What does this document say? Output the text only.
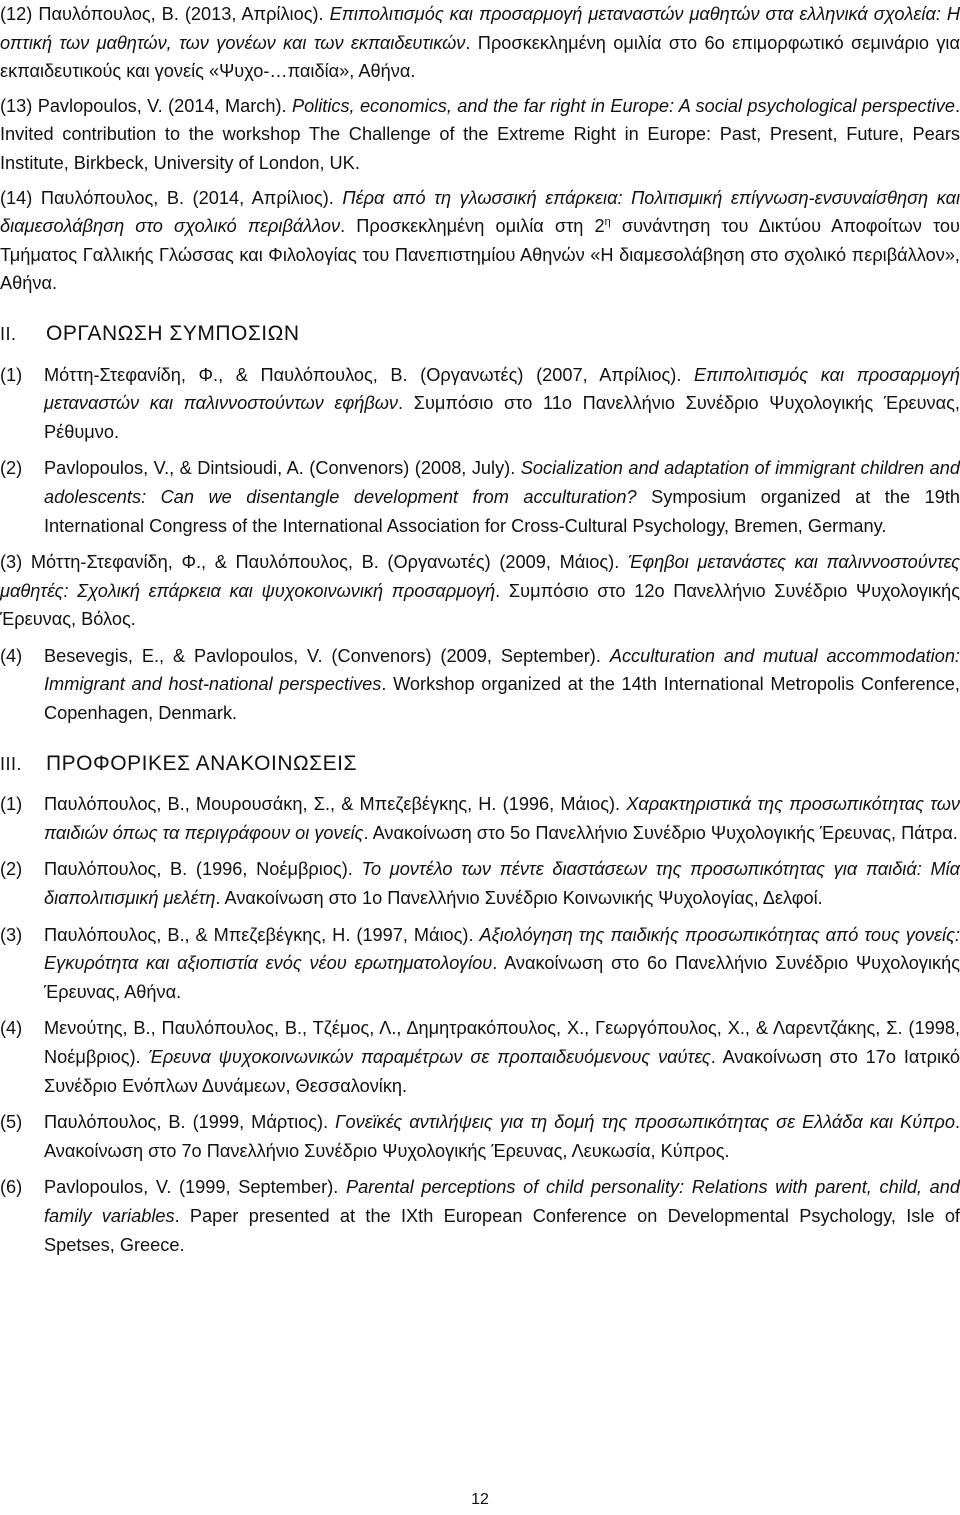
(12) Παυλόπουλος, Β. (2013, Απρίλιος). Επιπολιτισμός και προσαρμογή μεταναστών μαθητών στα ελληνικά σχολεία: Η οπτική των μαθητών, των γονέων και των εκπαιδευτικών. Προσκεκλημένη ομιλία στο 6ο επιμορφωτικό σεμινάριο για εκπαιδευτικούς και γονείς «Ψυχο-…παιδία», Αθήνα.

(13) Pavlopoulos, V. (2014, March). Politics, economics, and the far right in Europe: A social psychological perspective. Invited contribution to the workshop The Challenge of the Extreme Right in Europe: Past, Present, Future, Pears Institute, Birkbeck, University of London, UK.

(14) Παυλόπουλος, Β. (2014, Απρίλιος). Πέρα από τη γλωσσική επάρκεια: Πολιτισμική επίγνωση-ενσυναίσθηση και διαμεσολάβηση στο σχολικό περιβάλλον. Προσκεκλημένη ομιλία στη $2^\eta$ συνάντηση του Δικτύου Αποφοίτων του Τμήματος Γαλλικής Γλώσσας και Φιλολογίας του Πανεπιστημίου Αθηνών «Η διαμεσολάβηση στο σχολικό περιβάλλον», Αθήνα.

II. ΟΡΓΑΝΩΣΗ ΣΥΜΠΟΣΙΩΝ

(1) Μόττη-Στεφανίδη, Φ., & Παυλόπουλος, Β. (Οργανωτές) (2007, Απρίλιος). Επιπολιτισμός και προσαρμογή μεταναστών και παλιννοστούντων εφήβων. Συμπόσιο στο 11ο Πανελλήνιο Συνέδριο Ψυχολογικής Έρευνας, Ρέθυμνο.

(2) Pavlopoulos, V., & Dintsioudi, A. (Convenors) (2008, July). Socialization and adaptation of immigrant children and adolescents: Can we disentangle development from acculturation? Symposium organized at the 19th International Congress of the International Association for Cross-Cultural Psychology, Bremen, Germany.

(3) Μόττη-Στεφανίδη, Φ., & Παυλόπουλος, Β. (Οργανωτές) (2009, Μάιος). Έφηβοι μετανάστες και παλιννοστούντες μαθητές: Σχολική επάρκεια και ψυχοκοινωνική προσαρμογή. Συμπόσιο στο 12ο Πανελλήνιο Συνέδριο Ψυχολογικής Έρευνας, Βόλος.

(4) Besevegis, E., & Pavlopoulos, V. (Convenors) (2009, September). Acculturation and mutual accommodation: Immigrant and host-national perspectives. Workshop organized at the 14th International Metropolis Conference, Copenhagen, Denmark.

III. ΠΡΟΦΟΡΙΚΕΣ ΑΝΑΚΟΙΝΩΣΕΙΣ

(1) Παυλόπουλος, Β., Μουρουσάκη, Σ., & Μπεζεβέγκης, Η. (1996, Μάιος). Χαρακτηριστικά της προσωπικότητας των παιδιών όπως τα περιγράφουν οι γονείς. Ανακοίνωση στο 5ο Πανελλήνιο Συνέδριο Ψυχολογικής Έρευνας, Πάτρα.

(2) Παυλόπουλος, Β. (1996, Νοέμβριος). Το μοντέλο των πέντε διαστάσεων της προσωπικότητας για παιδιά: Μία διαπολιτισμική μελέτη. Ανακοίνωση στο 1ο Πανελλήνιο Συνέδριο Κοινωνικής Ψυχολογίας, Δελφοί.

(3) Παυλόπουλος, Β., & Μπεζεβέγκης, Η. (1997, Μάιος). Αξιολόγηση της παιδικής προσωπικότητας από τους γονείς: Εγκυρότητα και αξιοπιστία ενός νέου ερωτηματολογίου. Ανακοίνωση στο 6ο Πανελλήνιο Συνέδριο Ψυχολογικής Έρευνας, Αθήνα.

(4) Μενούτης, Β., Παυλόπουλος, Β., Τζέμος, Λ., Δημητρακόπουλος, Χ., Γεωργόπουλος, Χ., & Λαρεντζάκης, Σ. (1998, Νοέμβριος). Έρευνα ψυχοκοινωνικών παραμέτρων σε προπαιδευόμενους ναύτες. Ανακοίνωση στο 17ο Ιατρικό Συνέδριο Ενόπλων Δυνάμεων, Θεσσαλονίκη.

(5) Παυλόπουλος, Β. (1999, Μάρτιος). Γονεϊκές αντιλήψεις για τη δομή της προσωπικότητας σε Ελλάδα και Κύπρο. Ανακοίνωση στο 7ο Πανελλήνιο Συνέδριο Ψυχολογικής Έρευνας, Λευκωσία, Κύπρος.

(6) Pavlopoulos, V. (1999, September). Parental perceptions of child personality: Relations with parent, child, and family variables. Paper presented at the IXth European Conference on Developmental Psychology, Isle of Spetses, Greece.

12
